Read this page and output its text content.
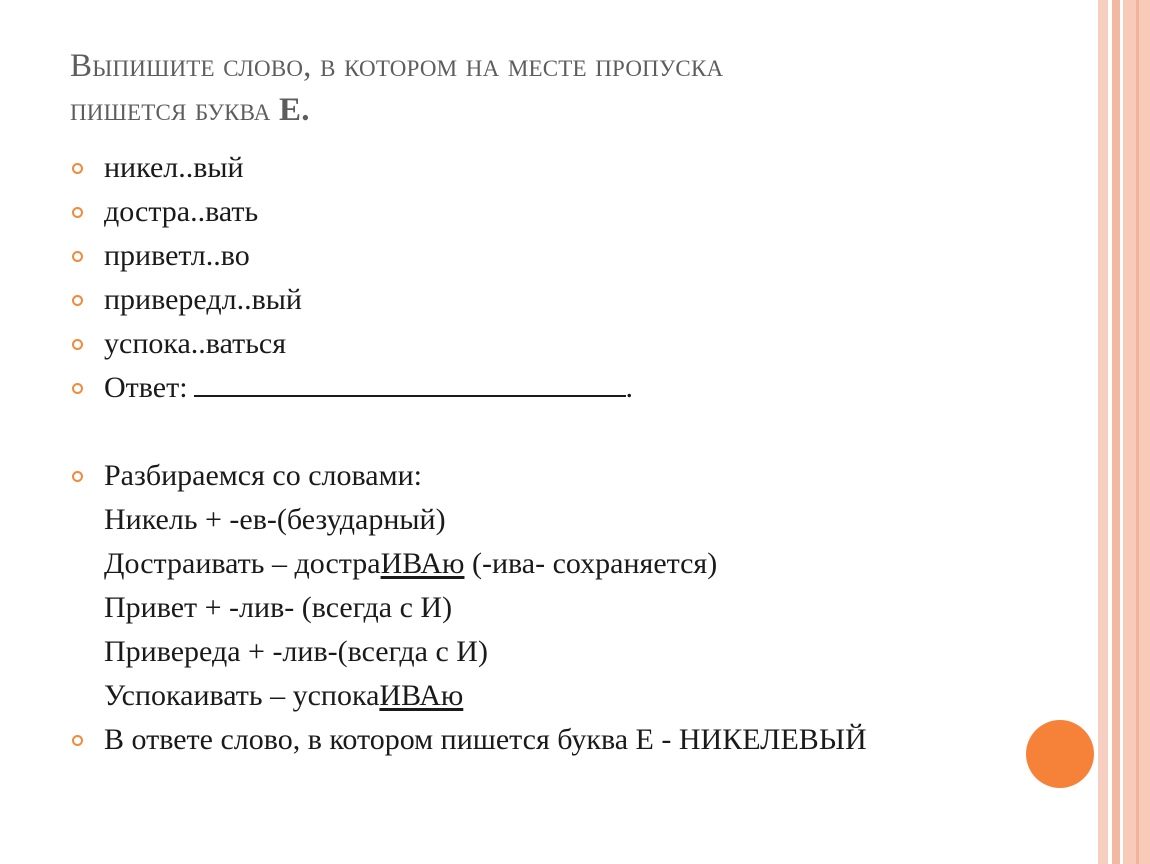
Выпишите слово, в котором на месте пропуска
пишется буква Е.
никел..вый
достра..вать
приветл..во
привередл..вый
успока..ваться
Ответ:	.
Разбираемся со словами:
Никель + -ев-(безударный)
Достраивать – достраИВАю (-ива- сохраняется)
Привет + -лив- (всегда с И)
Привереда + -лив-(всегда с И)
Успокаивать – успокаИВАю
В ответе слово, в котором пишется буква Е - НИКЕЛЕВЫЙ
